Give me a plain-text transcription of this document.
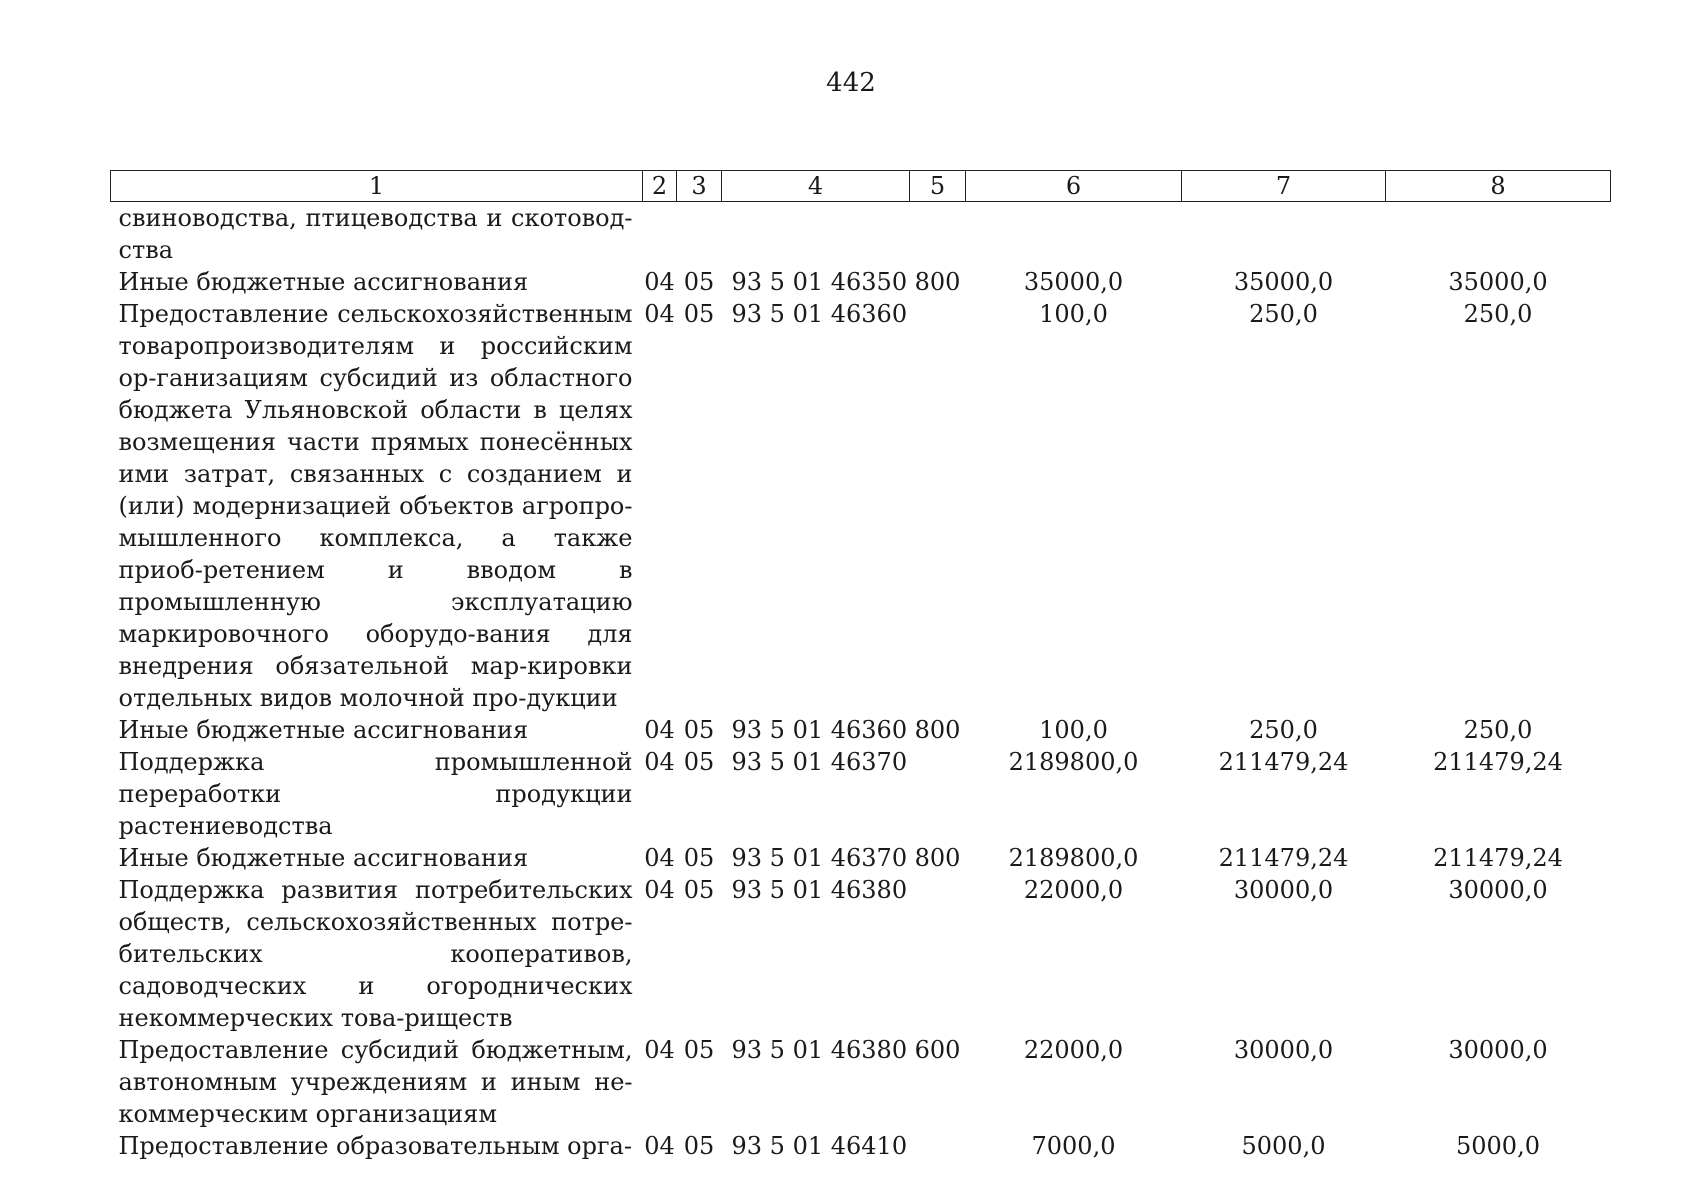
442
1	2	3	4	5	6	7	8
свиноводства, птицеводства и скотовод-ства							
Иные бюджетные ассигнования	04	05	93 5 01 46350	800	35000,0	35000,0	35000,0
Предоставление сельскохозяйственным товаропроизводителям и российским ор-ганизациям субсидий из областного бюджета Ульяновской области в целях возмещения части прямых понесённых ими затрат, связанных с созданием и (или) модернизацией объектов агропро-мышленного комплекса, а также приоб-ретением и вводом в промышленную эксплуатацию маркировочного оборудо-вания для внедрения обязательной мар-кировки отдельных видов молочной про-дукции	04	05	93 5 01 46360		100,0	250,0	250,0
Иные бюджетные ассигнования	04	05	93 5 01 46360	800	100,0	250,0	250,0
Поддержка промышленной переработки продукции растениеводства	04	05	93 5 01 46370		2189800,0	211479,24	211479,24
Иные бюджетные ассигнования	04	05	93 5 01 46370	800	2189800,0	211479,24	211479,24
Поддержка развития потребительских обществ, сельскохозяйственных потре-бительских кооперативов, садоводческих и огороднических некоммерческих това-риществ	04	05	93 5 01 46380		22000,0	30000,0	30000,0
Предоставление субсидий бюджетным, автономным учреждениям и иным не-коммерческим организациям	04	05	93 5 01 46380	600	22000,0	30000,0	30000,0
Предоставление образовательным орга-	04	05	93 5 01 46410		7000,0	5000,0	5000,0
